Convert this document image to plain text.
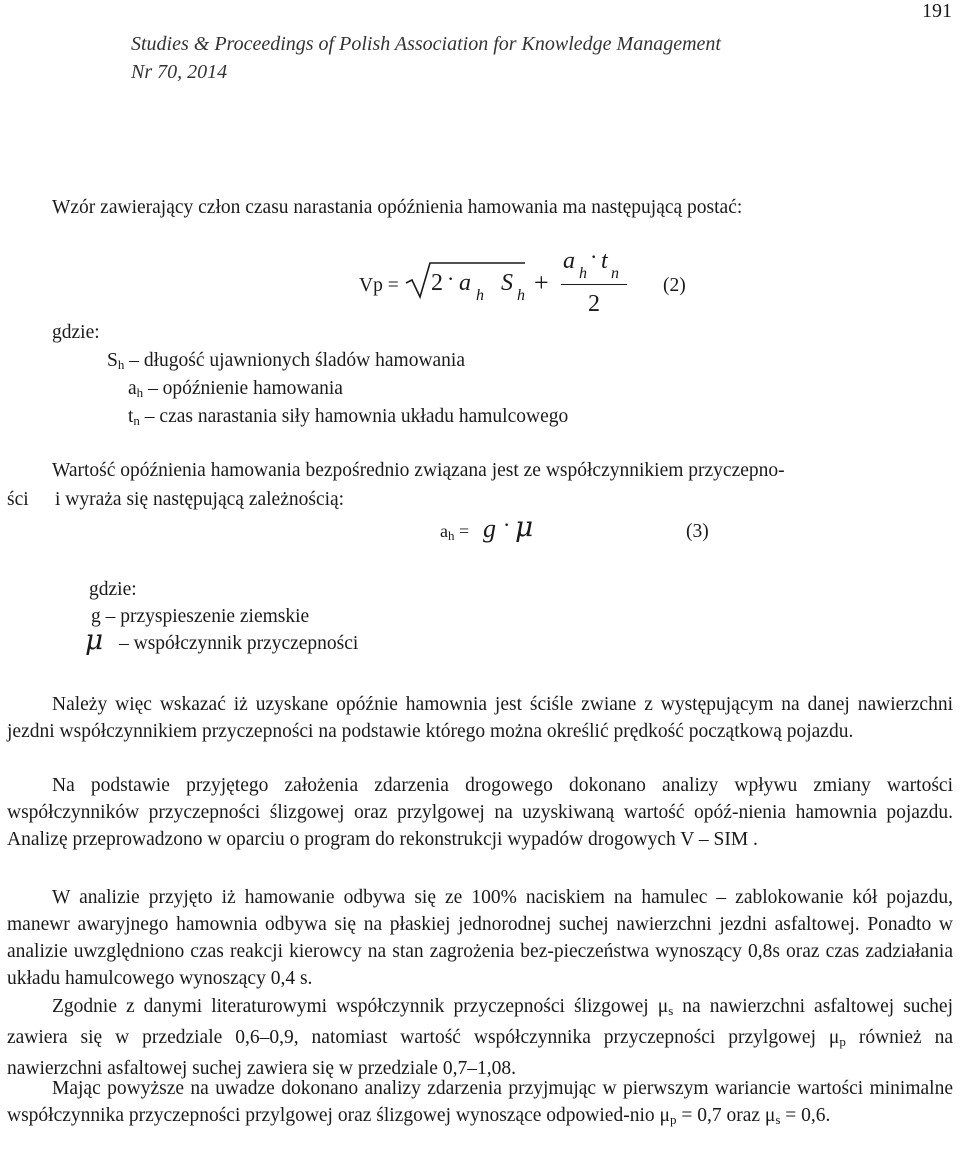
191
Studies & Proceedings of Polish Association for Knowledge Management
Nr 70, 2014
Wzór zawierający człon czasu narastania opóźnienia hamowania ma następującą postać:
Vp = 2 · a h S h +
a h
· t n
2
(2)
gdzie:
$S_h$ – długość ujawnionych śladów hamowania
$a_h$ – opóźnienie hamowania
$t_n$ – czas narastania siły hamownia układu hamulcowego
Wartość opóźnienia hamowania bezpośrednio związana jest ze współczynnikiem przyczepno-
ści i wyraża się następującą zależnością:
$a_h = g \cdot \mu$	(3)
gdzie:
g – przyspieszenie ziemskie
μ – współczynnik przyczepności

Należy więc wskazać iż uzyskane opóźnie hamownia jest ściśle zwiane z występującym na danej nawierzchni jezdni współczynnikiem przyczepności na podstawie którego można określić prędkość początkową pojazdu.

Na podstawie przyjętego założenia zdarzenia drogowego dokonano analizy wpływu zmiany wartości współczynników przyczepności ślizgowej oraz przylgowej na uzyskiwaną wartość opóź-nienia hamownia pojazdu. Analizę przeprowadzono w oparciu o program do rekonstrukcji wypadów drogowych V – SIM .

W analizie przyjęto iż hamowanie odbywa się ze 100% naciskiem na hamulec – zablokowanie kół pojazdu, manewr awaryjnego hamownia odbywa się na płaskiej jednorodnej suchej nawierzchni jezdni asfaltowej. Ponadto w analizie uwzględniono czas reakcji kierowcy na stan zagrożenia bez-pieczeństwa wynoszący 0,8s oraz czas zadziałania układu hamulcowego wynoszący 0,4 s.

Zgodnie z danymi literaturowymi współczynnik przyczepności ślizgowej $\mu_s$ na nawierzchni asfaltowej suchej zawiera się w przedziale 0,6–0,9, natomiast wartość współczynnika przyczepności przylgowej $\mu_p$ również na nawierzchni asfaltowej suchej zawiera się w przedziale 0,7–1,08.

Mając powyższe na uwadze dokonano analizy zdarzenia przyjmując w pierwszym wariancie wartości minimalne współczynnika przyczepności przylgowej oraz ślizgowej wynoszące odpowied-nio $\mu_p = 0,7$ oraz $\mu_s = 0,6$.
